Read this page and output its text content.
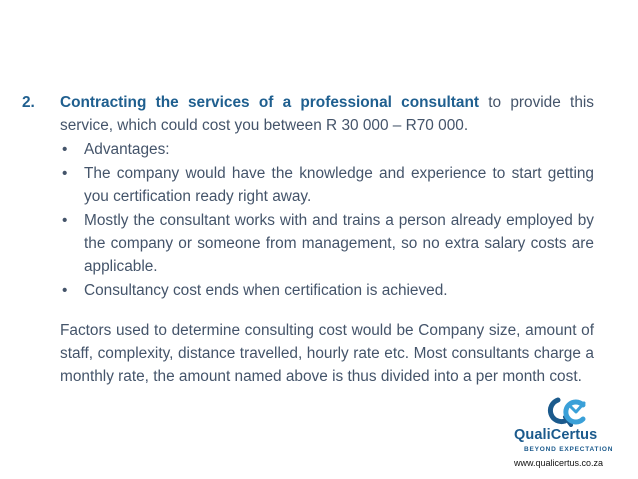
2. Contracting the services of a professional consultant to provide this service, which could cost you between R 30 000 – R70 000.

• Advantages:
• The company would have the knowledge and experience to start getting you certification ready right away.
• Mostly the consultant works with and trains a person already employed by the company or someone from management, so no extra salary costs are applicable.
• Consultancy cost ends when certification is achieved.

Factors used to determine consulting cost would be Company size, amount of staff, complexity, distance travelled, hourly rate etc. Most consultants charge a monthly rate, the amount named above is thus divided into a per month cost.

QualiCertus
BEYOND EXPECTATION
www.qualicertus.co.za
